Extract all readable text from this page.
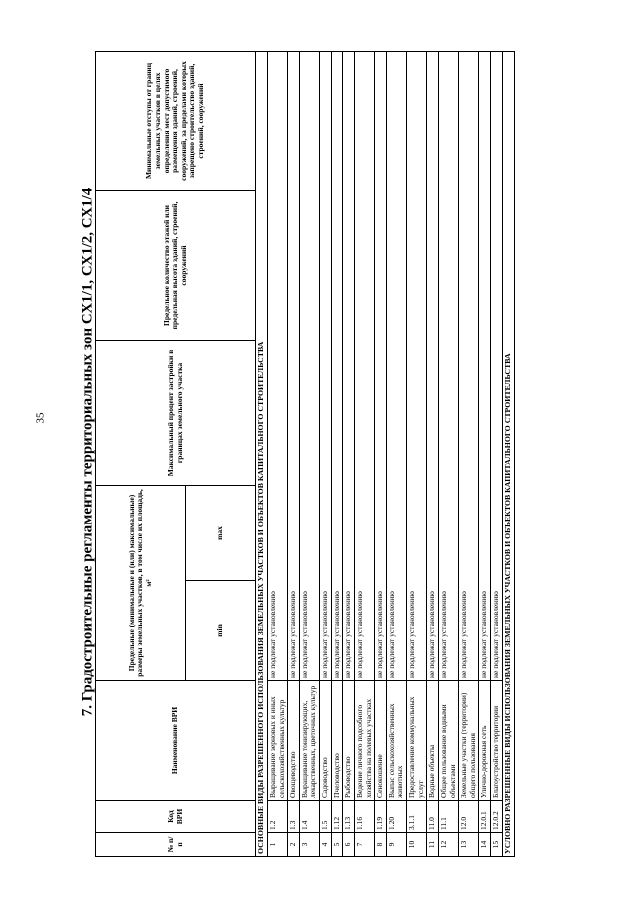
35 7. Градостроительные регламенты территориальных зон СХ1/1, СХ1/2, СХ1/4
№ п/п	Код ВРИ	Наименование ВРИ	Предельные (минимальные и (или) максимальные) размеры земельных участков, в том числе их площадь, м²		Максимальный процент застройки в границах земельного участка	Предельное количество этажей или предельная высота зданий, строений, сооружений	Минимальные отступы от границ земельных участков в целях определения мест допустимого размещения зданий, строений, сооружений, за пределами которых запрещено строительство зданий, строений, сооружений
			min	max			
ОСНОВНЫЕ ВИДЫ РАЗРЕШЕННОГО ИСПОЛЬЗОВАНИЯ ЗЕМЕЛЬНЫХ УЧАСТКОВ И ОБЪЕКТОВ КАПИТАЛЬНОГО СТРОИТЕЛЬСТВА							
1	1.2	Выращивание зерновых и иных сельскохозяйственных культур	не подлежат установлению				
2	1.3	Овощеводство	не подлежат установлению				
3	1.4	Выращивание тонизирующих, лекарственных, цветочных культур	не подлежат установлению				
4	1.5	Садоводство	не подлежат установлению				
5	1.12	Пчеловодство	не подлежат установлению				
6	1.13	Рыбоводство	не подлежат установлению				
7	1.16	Ведение личного подсобного хозяйства на полевых участках	не подлежат установлению				
8	1.19	Сенокошение	не подлежат установлению				
9	1.20	Выпас сельскохозяйственных животных	не подлежат установлению				
10	3.1.1	Предоставление коммунальных услуг	не подлежат установлению				
11	11.0	Водные объекты	не подлежат установлению				
12	11.1	Общее пользование водными объектами	не подлежат установлению				
13	12.0	Земельные участки (территории) общего пользования	не подлежат установлению				
14	12.0.1	Улично-дорожная сеть	не подлежат установлению				
15	12.0.2	Благоустройство территории	не подлежат установлению				
УСЛОВНО РАЗРЕШЕННЫЕ ВИДЫ ИСПОЛЬЗОВАНИЯ ЗЕМЕЛЬНЫХ УЧАСТКОВ И ОБЪЕКТОВ КАПИТАЛЬНОГО СТРОИТЕЛЬСТВА							
